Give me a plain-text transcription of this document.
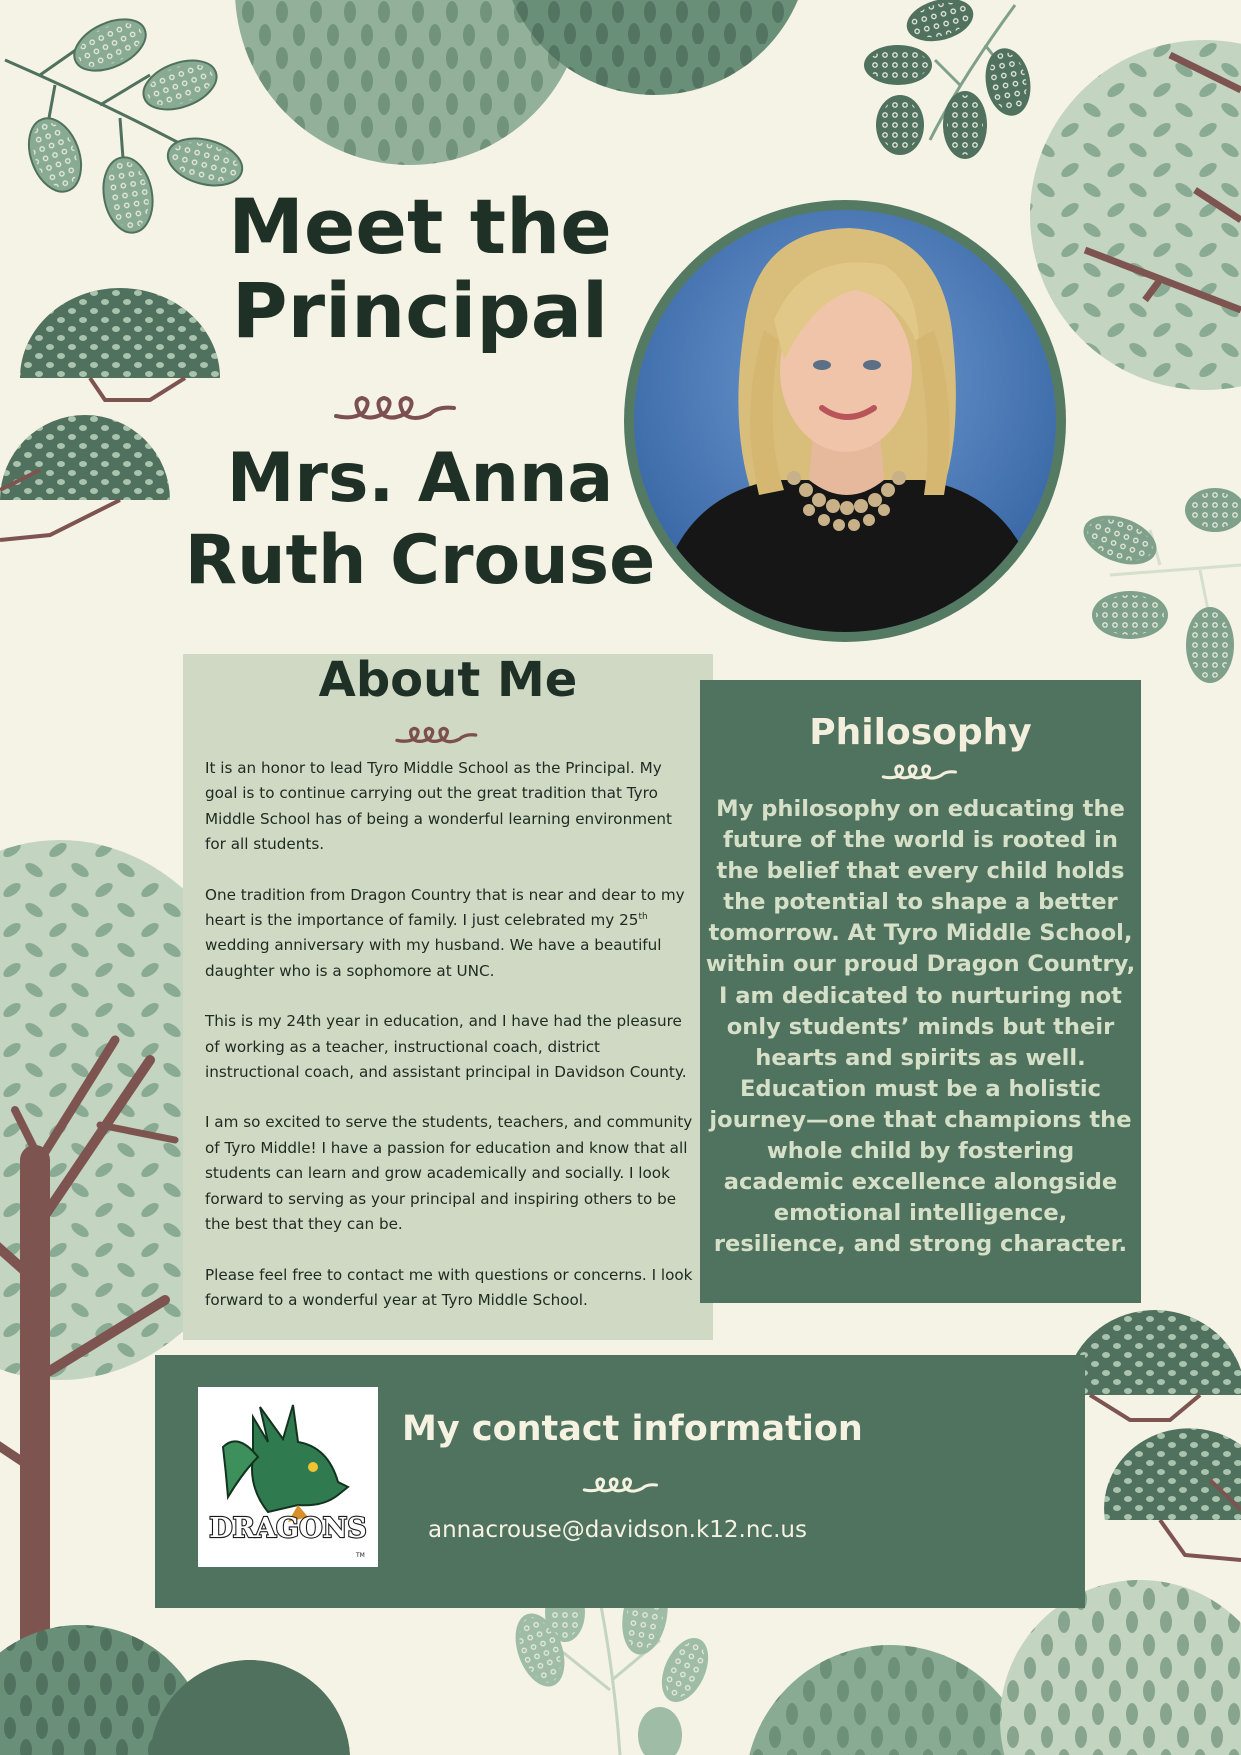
Meet the
Principal
Mrs. Anna
Ruth Crouse
About Me

It is an honor to lead Tyro Middle School as the Principal. My goal is to continue carrying out the great tradition that Tyro Middle School has of being a wonderful learning environment for all students.

One tradition from Dragon Country that is near and dear to my heart is the importance of family. I just celebrated my 25th wedding anniversary with my husband. We have a beautiful daughter who is a sophomore at UNC.

This is my 24th year in education, and I have had the pleasure of working as a teacher, instructional coach, district instructional coach, and assistant principal in Davidson County.

I am so excited to serve the students, teachers, and community of Tyro Middle! I have a passion for education and know that all students can learn and grow academically and socially. I look forward to serving as your principal and inspiring others to be the best that they can be.

Please feel free to contact me with questions or concerns. I look forward to a wonderful year at Tyro Middle School.

Philosophy
My philosophy on educating the future of the world is rooted in the belief that every child holds the potential to shape a better tomorrow. At Tyro Middle School, within our proud Dragon Country, I am dedicated to nurturing not only students’ minds but their hearts and spirits as well. Education must be a holistic journey—one that champions the whole child by fostering academic excellence alongside emotional intelligence, resilience, and strong character.
DRAGONS
TM
My contact information
annacrouse@davidson.k12.nc.us
